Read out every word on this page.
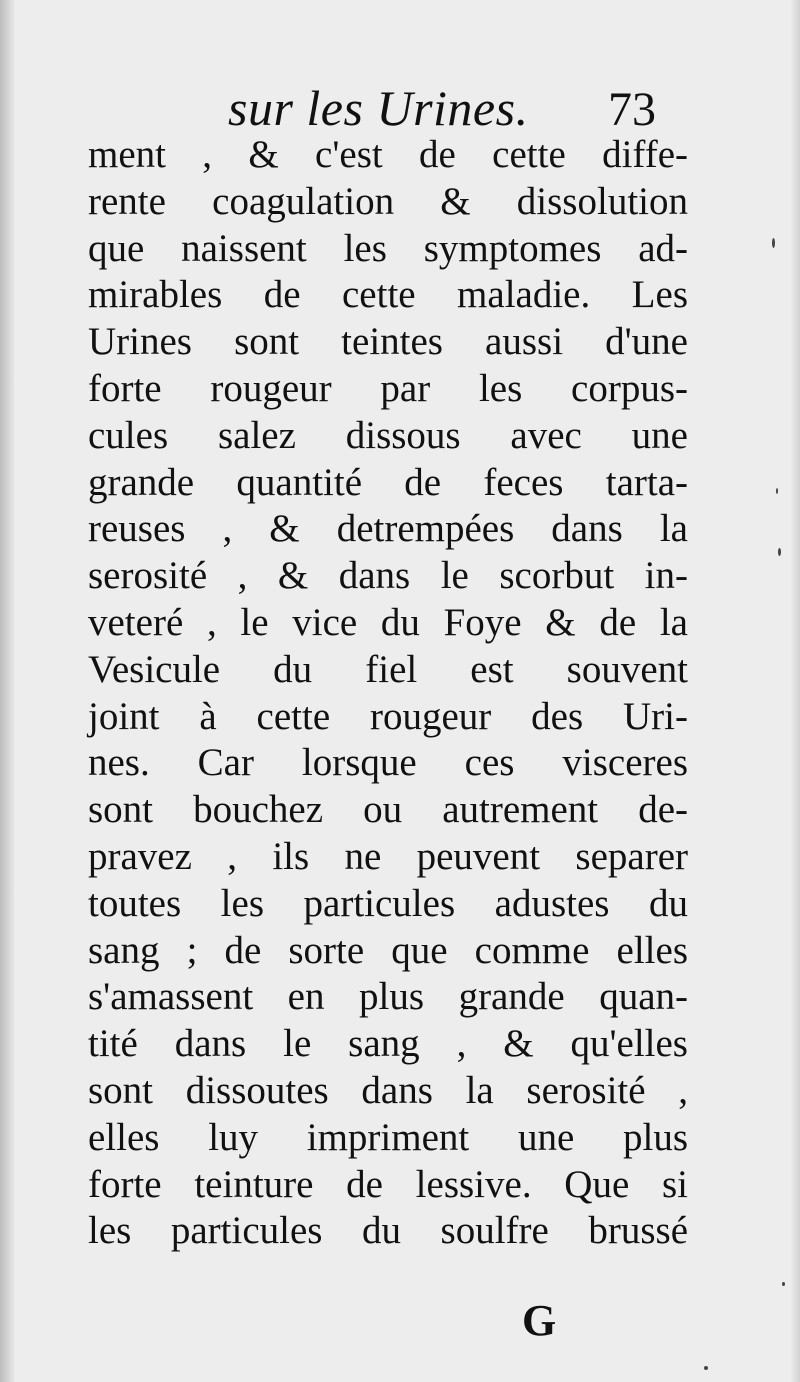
sur les Urines. 73
ment , & c'est de cette diffe-
rente coagulation & dissolution
que naissent les symptomes ad-
mirables de cette maladie. Les
Urines sont teintes aussi d'une
forte rougeur par les corpus-
cules salez dissous avec une
grande quantité de feces tarta-
reuses , & detrempées dans la
serosité , & dans le scorbut in-
veteré , le vice du Foye & de la
Vesicule du fiel est souvent
joint à cette rougeur des Uri-
nes. Car lorsque ces visceres
sont bouchez ou autrement de-
pravez , ils ne peuvent separer
toutes les particules adustes du
sang ; de sorte que comme elles
s'amassent en plus grande quan-
tité dans le sang , & qu'elles
sont dissoutes dans la serosité ,
elles luy impriment une plus
forte teinture de lessive. Que si
les particules du soulfre brussé
G
